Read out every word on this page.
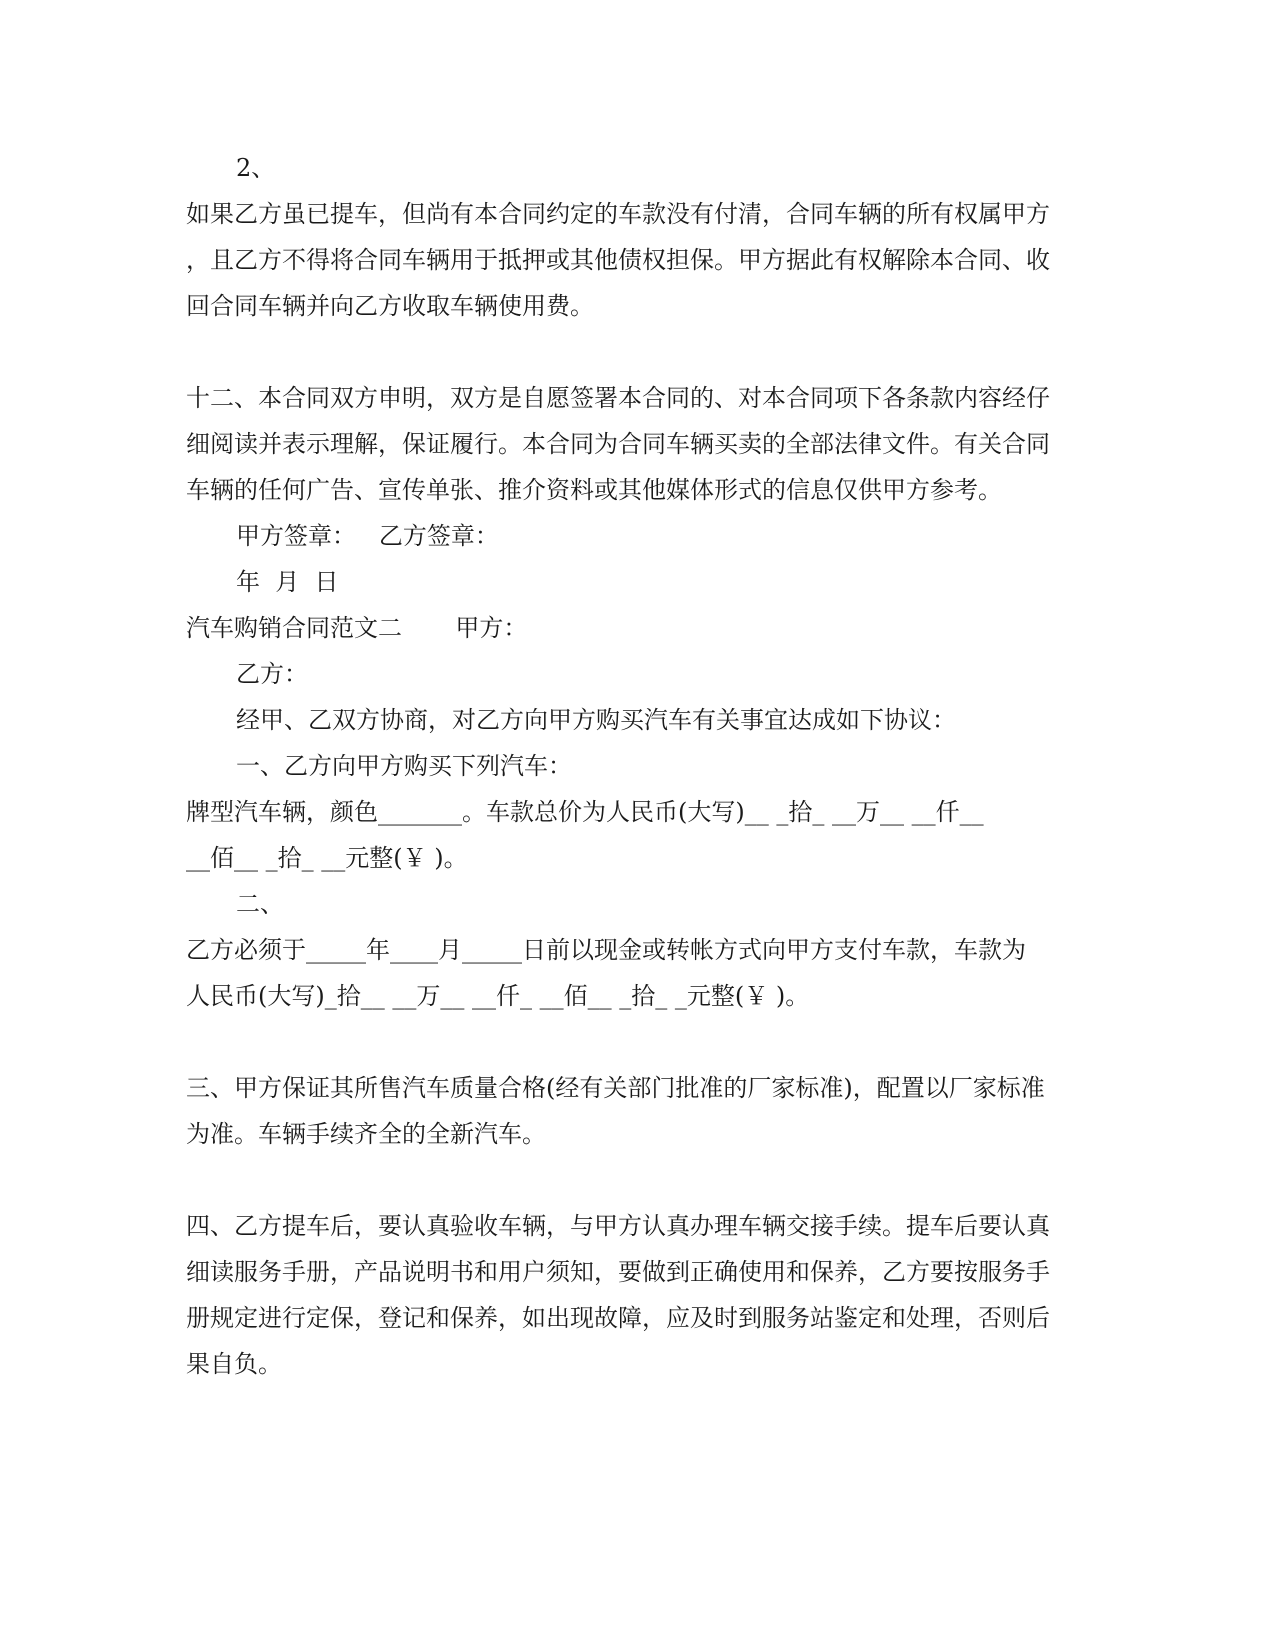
2、
如果乙方虽已提车，但尚有本合同约定的车款没有付清，合同车辆的所有权属甲方
，且乙方不得将合同车辆用于抵押或其他债权担保。甲方据此有权解除本合同、收
回合同车辆并向乙方收取车辆使用费。
十二、本合同双方申明，双方是自愿签署本合同的、对本合同项下各条款内容经仔
细阅读并表示理解，保证履行。本合同为合同车辆买卖的全部法律文件。有关合同
车辆的任何广告、宣传单张、推介资料或其他媒体形式的信息仅供甲方参考。
甲方签章：   乙方签章：
年  月  日
汽车购销合同范文二       甲方：
乙方：
经甲、乙双方协商，对乙方向甲方购买汽车有关事宜达成如下协议：
一、乙方向甲方购买下列汽车：
牌型汽车辆，颜色_______。车款总价为人民币(大写)__ _拾_ __万__ __仟__
__佰__ _拾_ __元整(￥ )。
二、
乙方必须于_____年____月_____日前以现金或转帐方式向甲方支付车款，车款为
人民币(大写)_拾__ __万__ __仟_ __佰__ _拾_ _元整(￥ )。
三、甲方保证其所售汽车质量合格(经有关部门批准的厂家标准)，配置以厂家标准
为准。车辆手续齐全的全新汽车。
四、乙方提车后，要认真验收车辆，与甲方认真办理车辆交接手续。提车后要认真
细读服务手册，产品说明书和用户须知，要做到正确使用和保养，乙方要按服务手
册规定进行定保，登记和保养，如出现故障，应及时到服务站鉴定和处理，否则后
果自负。
